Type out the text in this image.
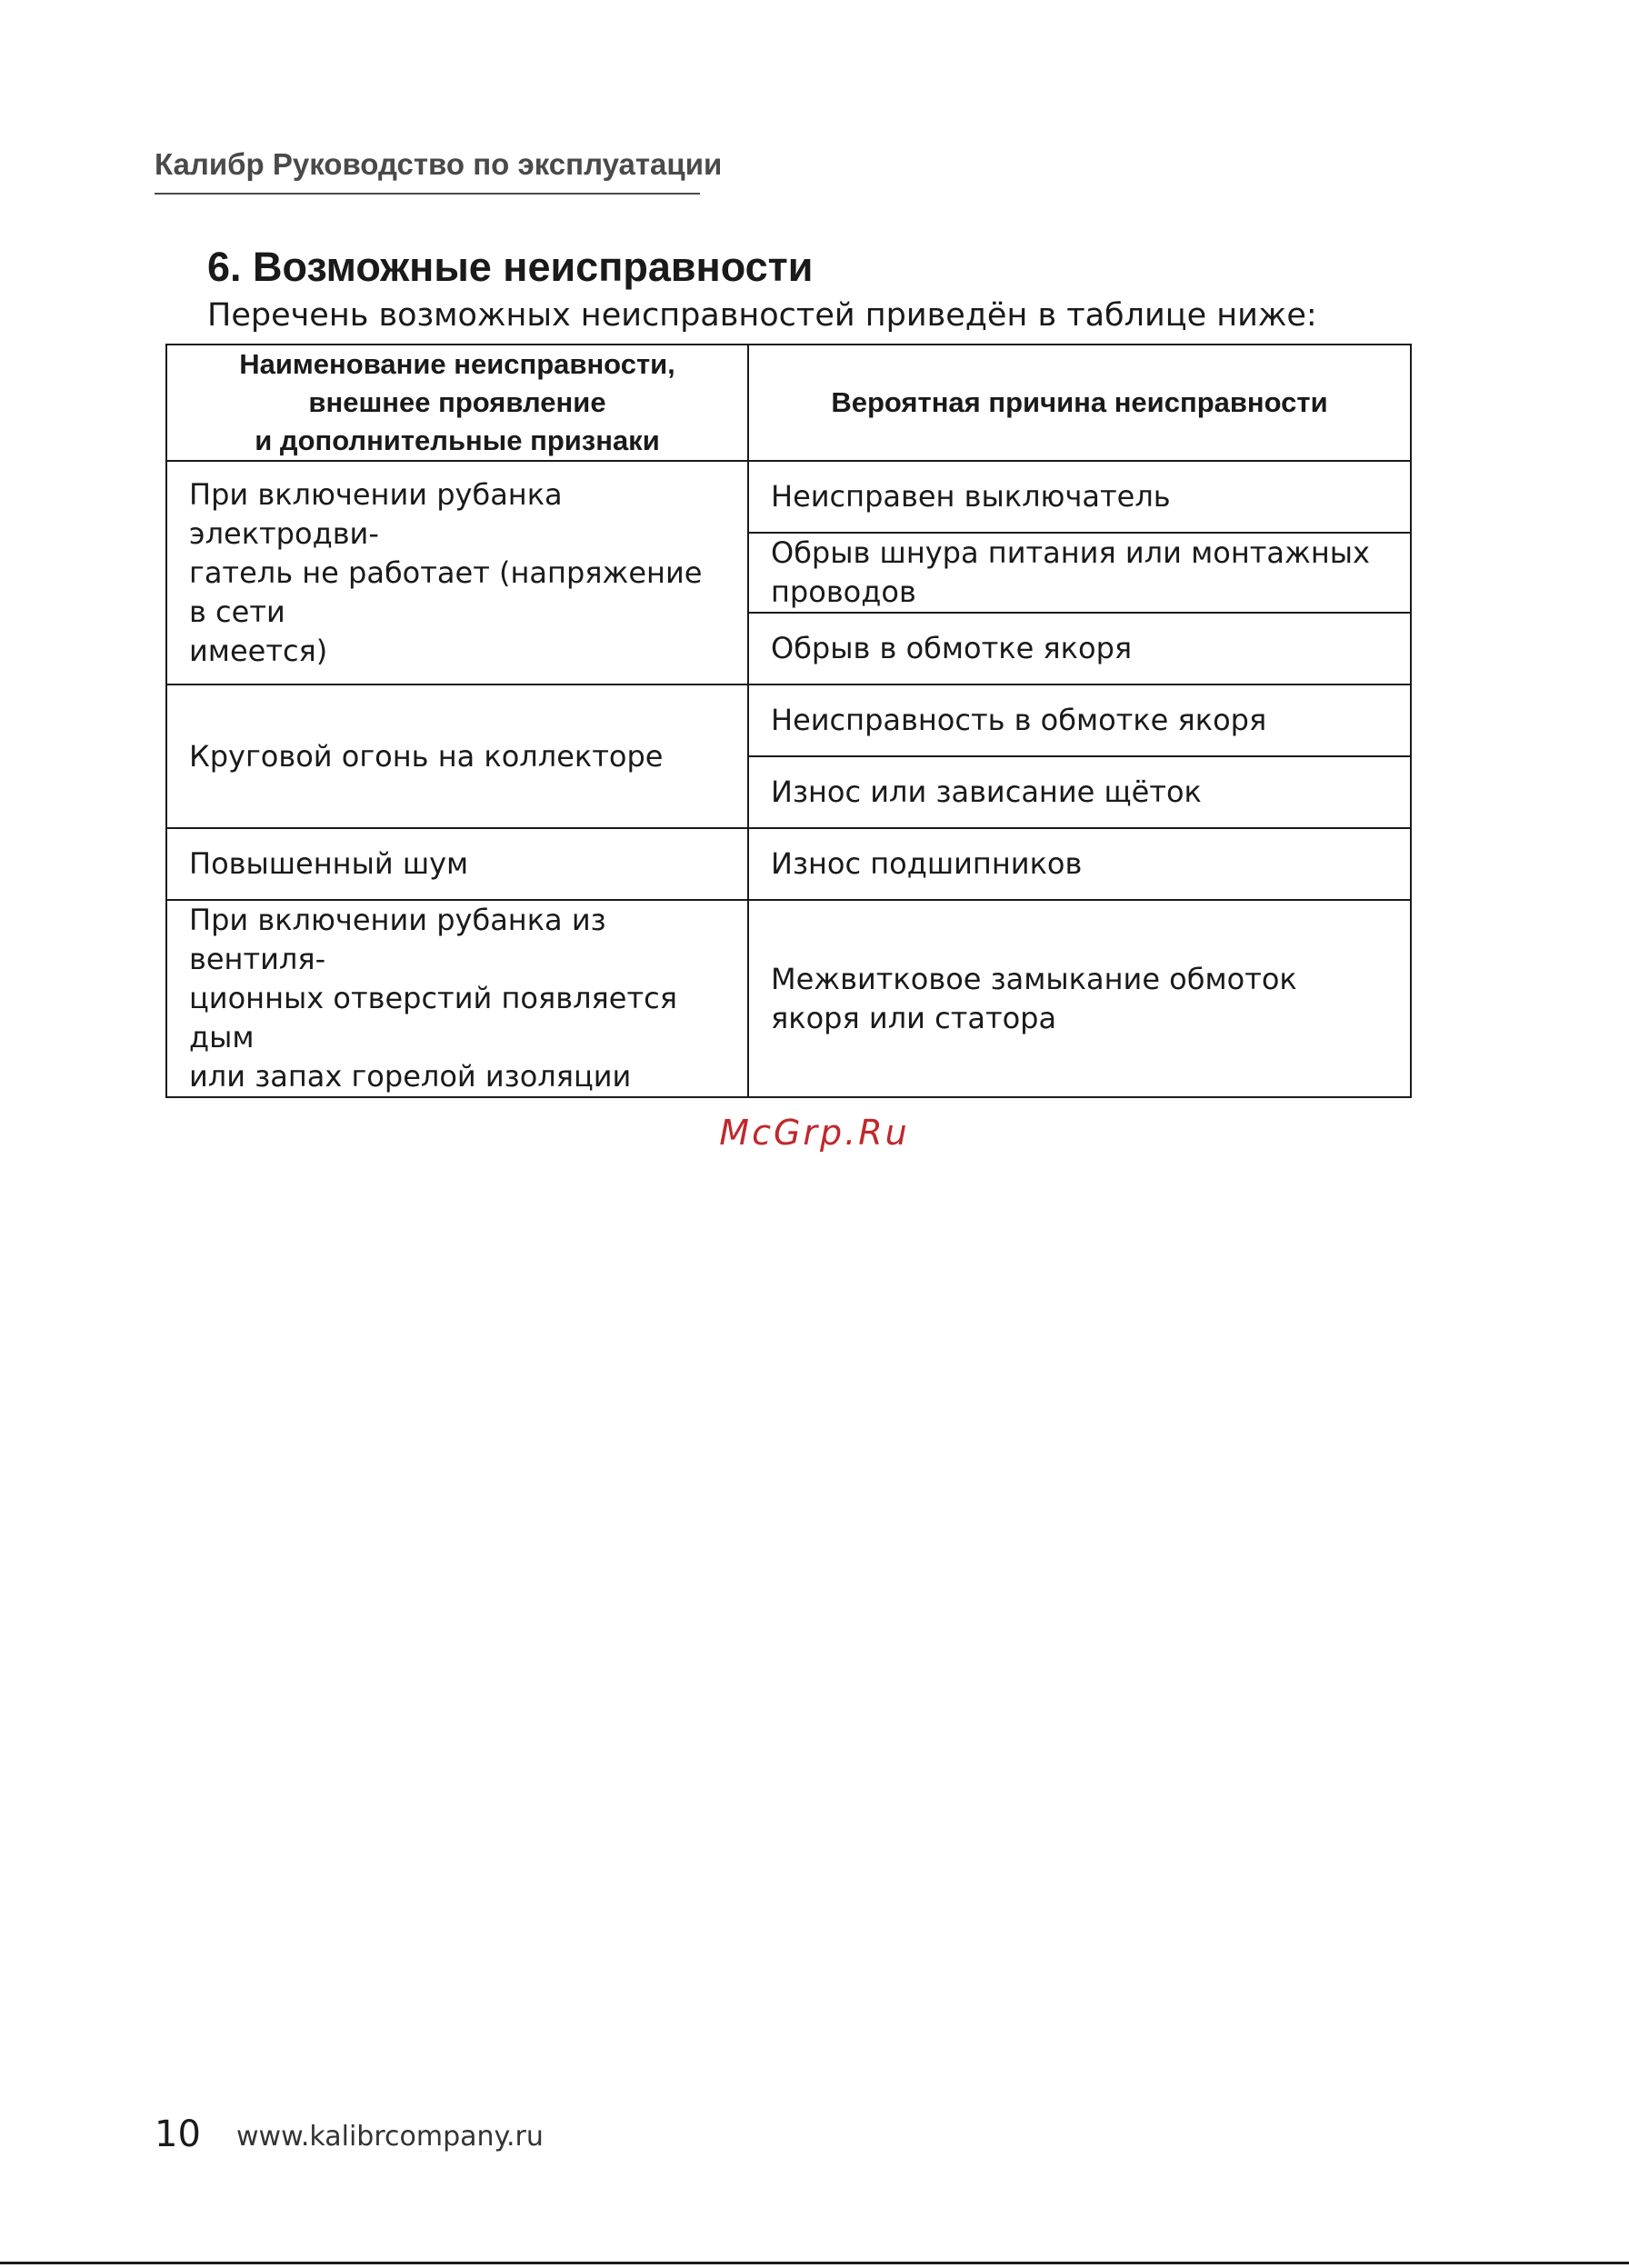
Калибр Руководство по эксплуатации
6. Возможные неисправности
Перечень возможных неисправностей приведён в таблице ниже:
Наименование неисправности,
внешнее проявление
и дополнительные признаки	Вероятная причина неисправности

При включении рубанка электродви-
гатель не работает (напряжение в сети
имеется)	Неисправен выключатель
	Обрыв шнура питания или монтажных проводов
	Обрыв в обмотке якоря

Круговой огонь на коллекторе	Неисправность в обмотке якоря
	Износ или зависание щёток

Повышенный шум	Износ подшипников

При включении рубанка из вентиля-
ционных отверстий появляется дым
или запах горелой изоляции	Межвитковое замыкание обмоток якоря или статора
McGrp.Ru
10 www.kalibrcompany.ru
